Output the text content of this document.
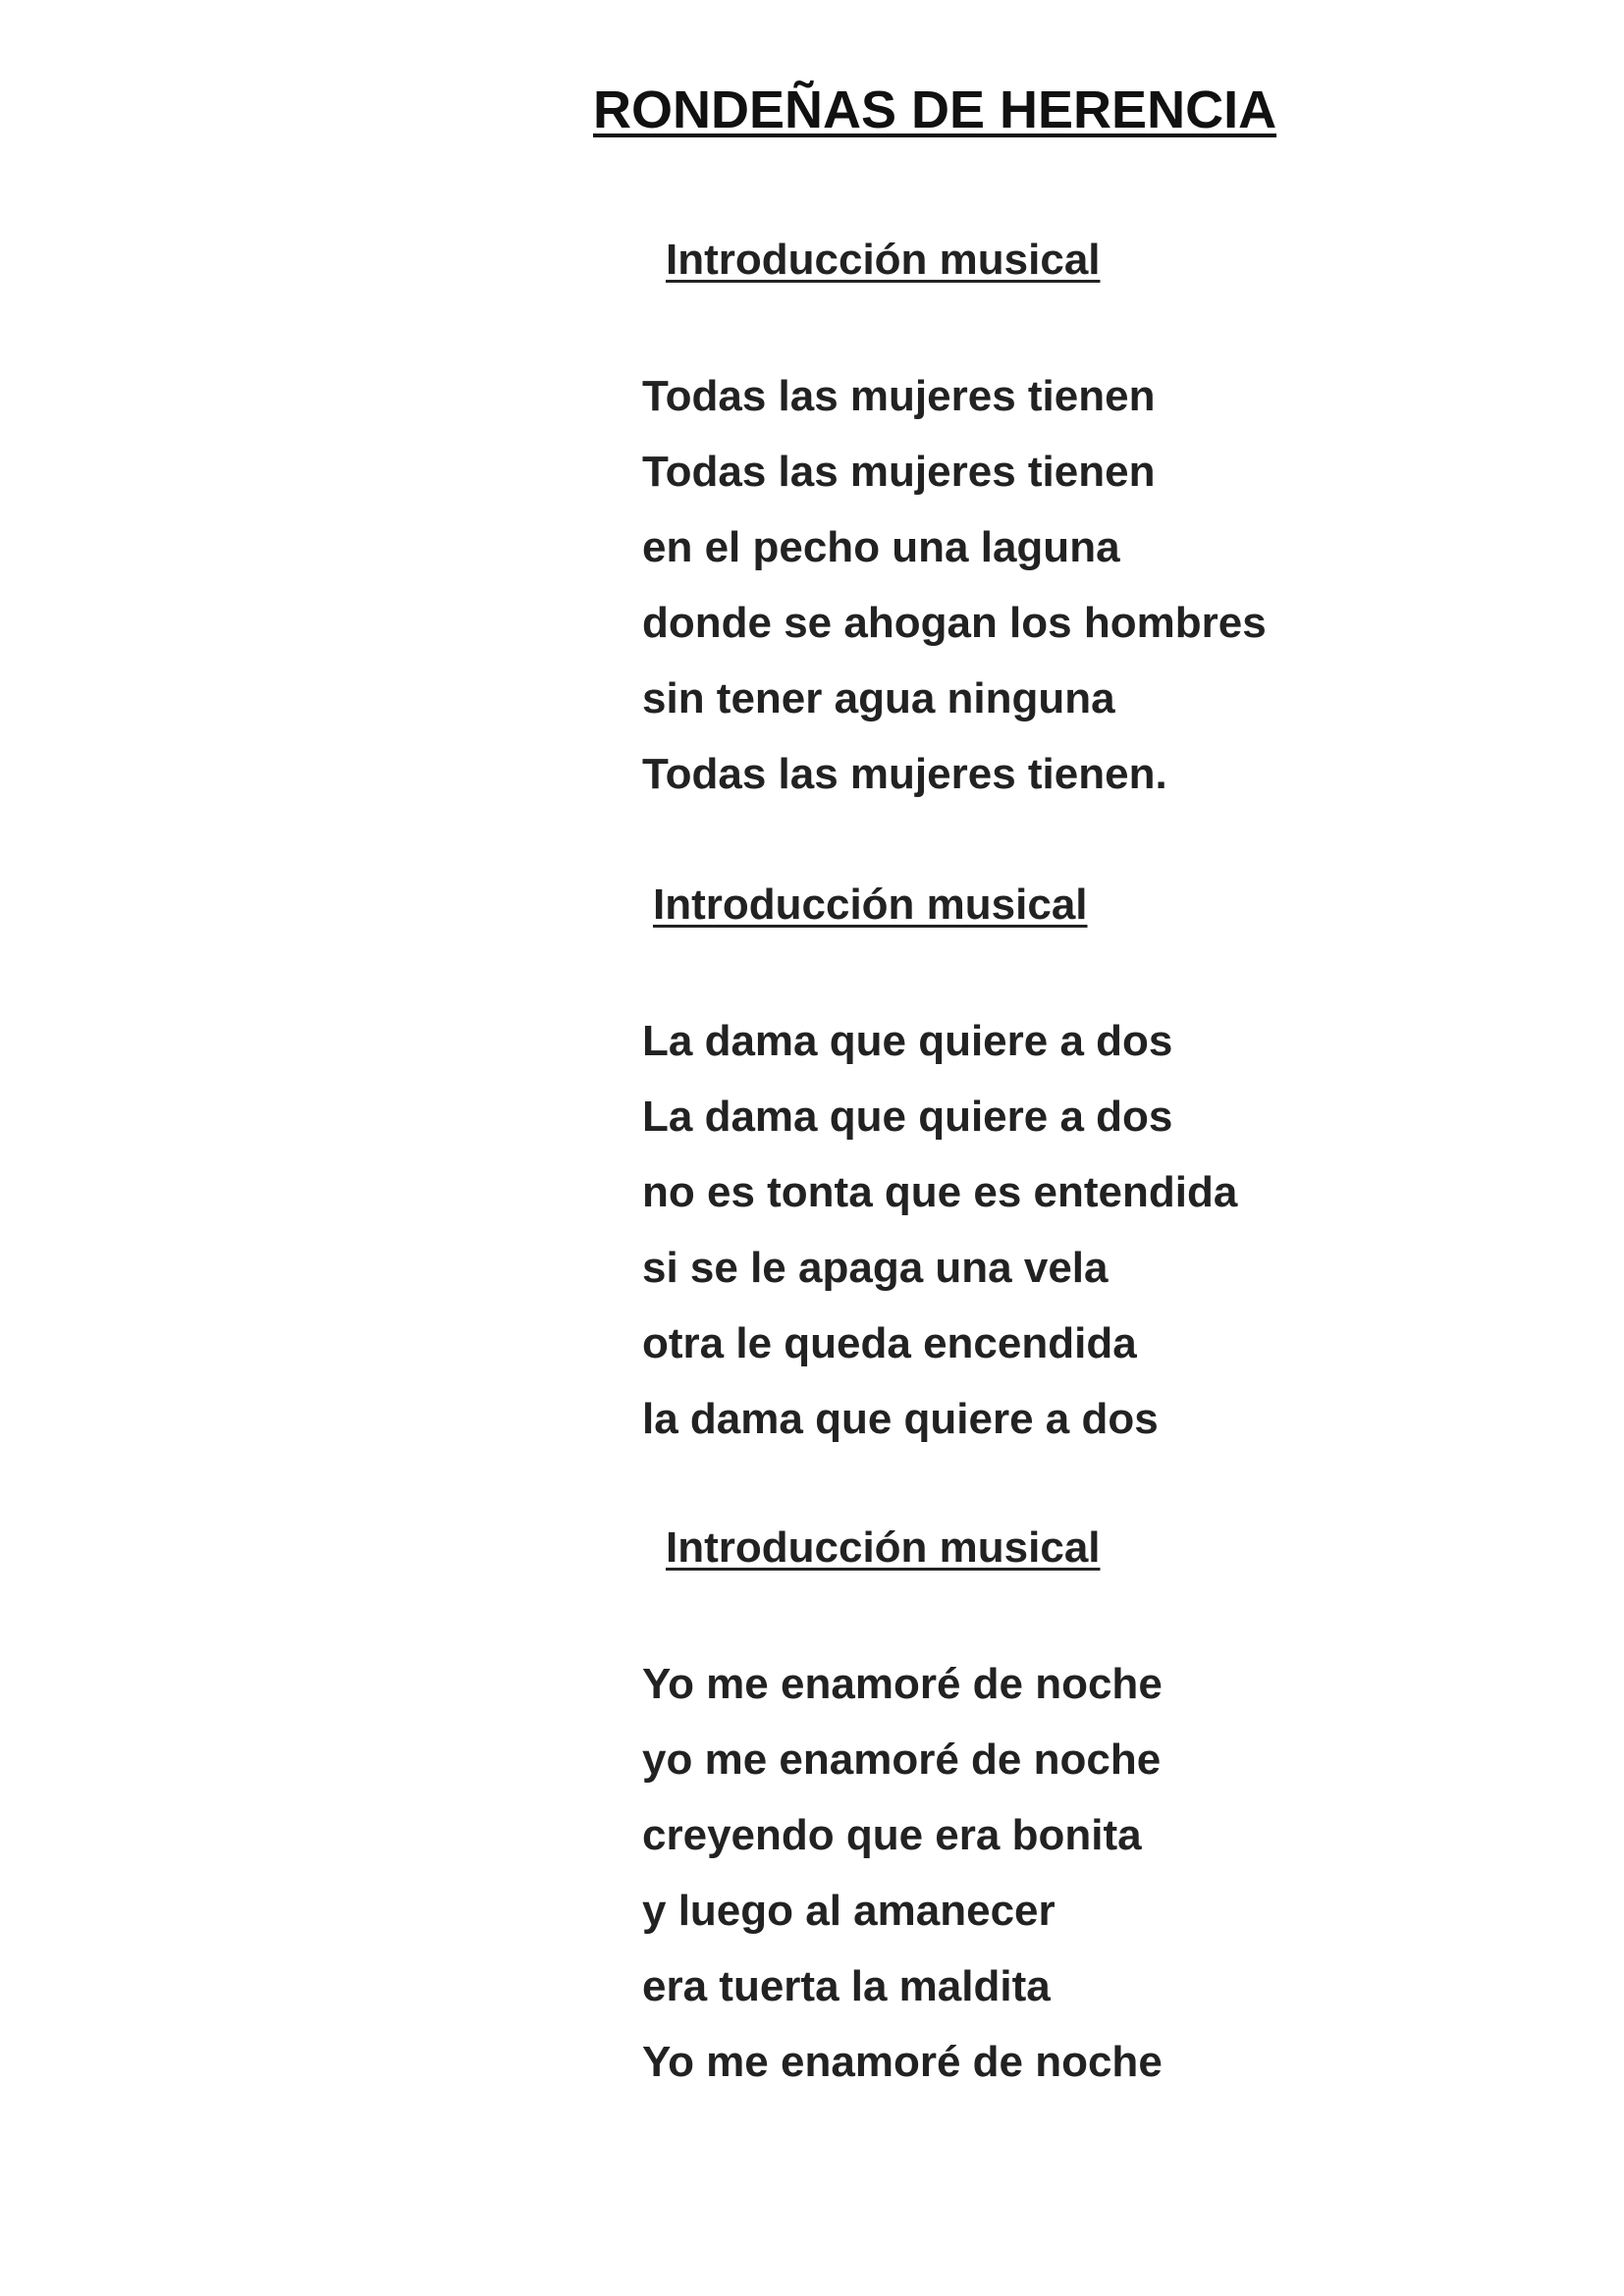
RONDEÑAS DE HERENCIA
Introducción musical
Todas las mujeres tienen
Todas las mujeres tienen
en el pecho una laguna
donde se ahogan los hombres
sin tener agua ninguna
Todas las mujeres tienen.
Introducción musical
La dama que quiere a dos
La dama que quiere a dos
no es tonta que es entendida
si se le apaga una vela
otra le queda encendida
la dama que quiere a dos
Introducción musical
Yo me enamoré de noche
yo me enamoré de noche
creyendo que era bonita
y luego al amanecer
era tuerta la maldita
Yo me enamoré de noche
